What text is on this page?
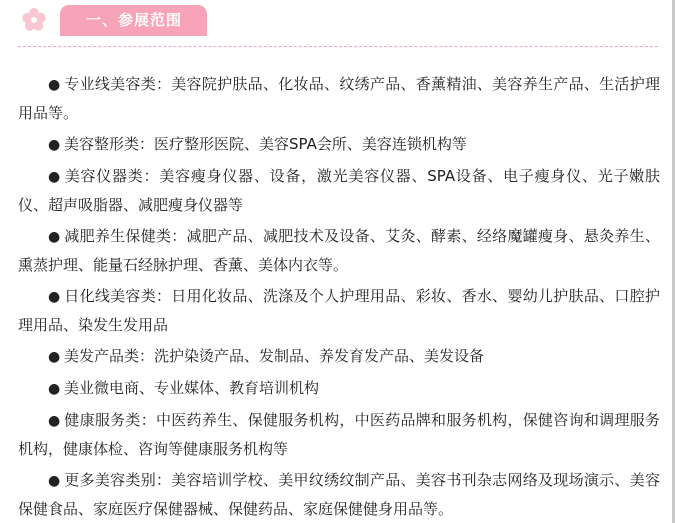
一、参展范围

● 专业线美容类：美容院护肤品、化妆品、纹绣产品、香薰精油、美容养生产品、生活护理用品等。

● 美容整形类：医疗整形医院、美容SPA会所、美容连锁机构等

● 美容仪器类：美容瘦身仪器、设备，激光美容仪器、SPA设备、电子瘦身仪、光子嫩肤仪、超声吸脂器、减肥瘦身仪器等

● 减肥养生保健类：减肥产品、减肥技术及设备、艾灸、酵素、经络魔罐瘦身、悬灸养生、熏蒸护理、能量石经脉护理、香薰、美体内衣等。

● 日化线美容类：日用化妆品、洗涤及个人护理用品、彩妆、香水、婴幼儿护肤品、口腔护理用品、染发生发用品

● 美发产品类：洗护染烫产品、发制品、养发育发产品、美发设备

● 美业微电商、专业媒体、教育培训机构

● 健康服务类：中医药养生、保健服务机构，中医药品牌和服务机构，保健咨询和调理服务机构，健康体检、咨询等健康服务机构等

● 更多美容类别：美容培训学校、美甲纹绣纹制产品、美容书刊杂志网络及现场演示、美容保健食品、家庭医疗保健器械、保健药品、家庭保健健身用品等。
